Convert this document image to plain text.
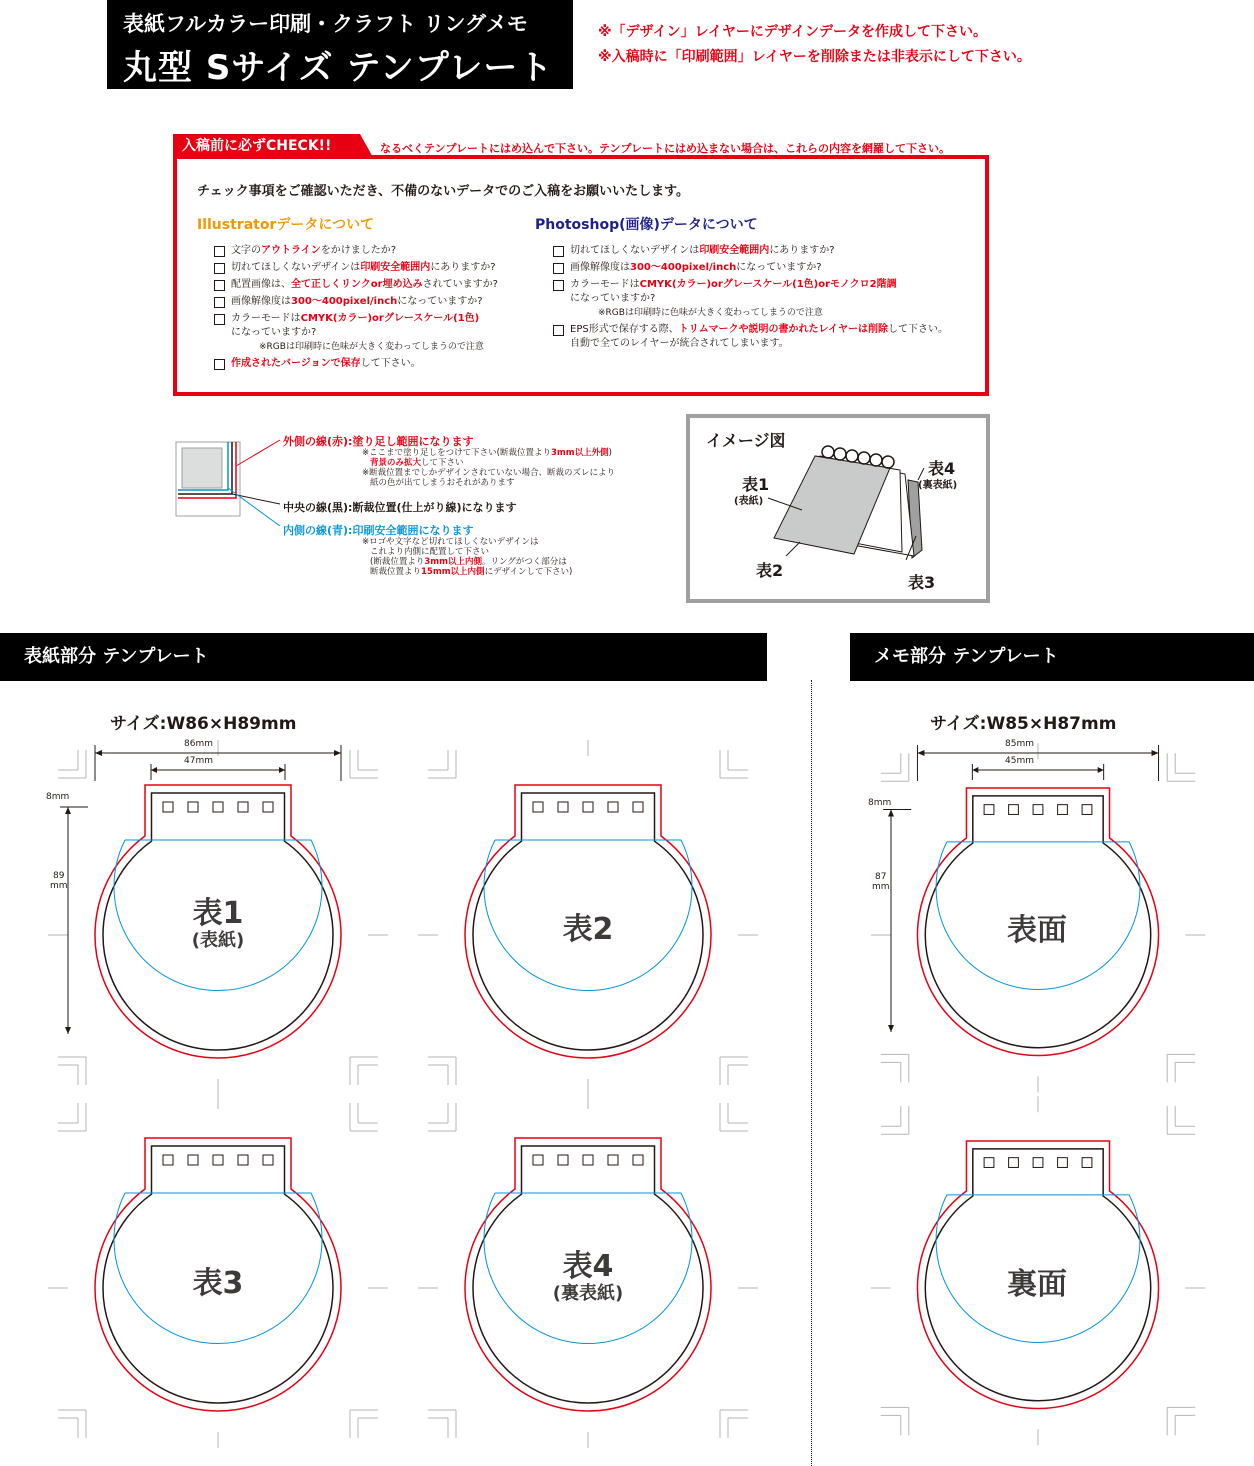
表紙フルカラー印刷・クラフト リングメモ
丸型 Sサイズ テンプレート
※「デザイン」レイヤーにデザインデータを作成して下さい。
※入稿時に「印刷範囲」レイヤーを削除または非表示にして下さい。
入稿前に必ずCHECK!!	なるべくテンプレートにはめ込んで下さい。テンプレートにはめ込まない場合は、これらの内容を網羅して下さい。
チェック事項をご確認いただき、不備のないデータでのご入稿をお願いいたします。
Illustratorデータについて	Photoshop(画像)データについて
文字のアウトラインをかけましたか?
切れてほしくないデザインは印刷安全範囲内にありますか?
配置画像は、全て正しくリンクor埋め込みされていますか?
画像解像度は300〜400pixel/inchになっていますか?
カラーモードはCMYK(カラー)orグレースケール(1色)
になっていますか?
※RGBは印刷時に色味が大きく変わってしまうので注意
作成されたバージョンで保存して下さい。
切れてほしくないデザインは印刷安全範囲内にありますか?
画像解像度は300〜400pixel/inchになっていますか?
カラーモードはCMYK(カラー)orグレースケール(1色)orモノクロ2階調
になっていますか?
※RGBは印刷時に色味が大きく変わってしまうので注意
EPS形式で保存する際、トリムマークや説明の書かれたレイヤーは削除して下さい。
自動で全てのレイヤーが統合されてしまいます。
外側の線(赤):塗り足し範囲になります
※ここまで塗り足しをつけて下さい(断裁位置より3mm以上外側)
背景のみ拡大して下さい
※断裁位置までしかデザインされていない場合、断裁のズレにより
紙の色が出てしまうおそれがあります
中央の線(黒):断裁位置(仕上がり線)になります
内側の線(青):印刷安全範囲になります
※ロゴや文字など切れてほしくないデザインは
これより内側に配置して下さい
(断裁位置より3mm以上内側。リングがつく部分は
断裁位置より15mm以上内側にデザインして下さい)
イメージ図
表1
(表紙)
表2
表3
表4
(裏表紙)
表紙部分 テンプレート	メモ部分 テンプレート
サイズ:W86×H89mm	サイズ:W85×H87mm
86mm
47mm
8mm
89
mm
85mm
45mm
8mm
87
mm
表1
(表紙)	表2
表3	表4
(裏表紙)
表面
裏面
